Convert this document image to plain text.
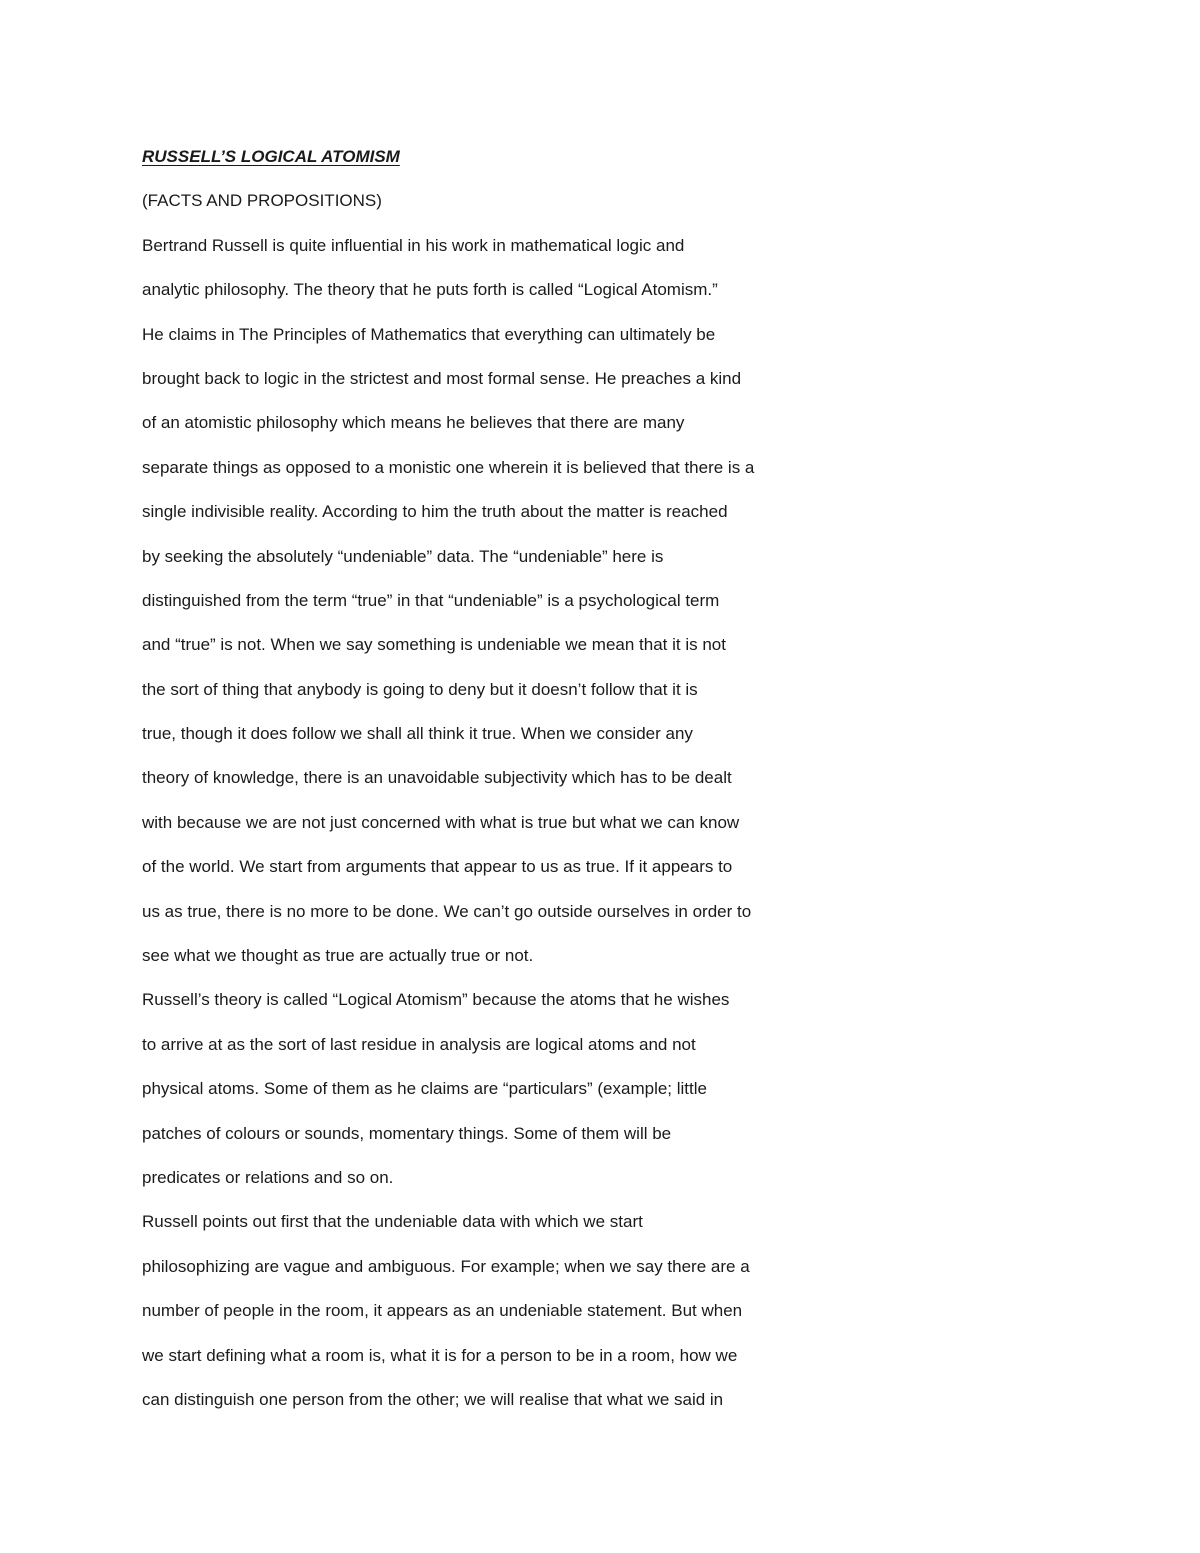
RUSSELL’S LOGICAL ATOMISM
(FACTS AND PROPOSITIONS)
Bertrand Russell is quite influential in his work in mathematical logic and
analytic philosophy. The theory that he puts forth is called “Logical Atomism.”
He claims in The Principles of Mathematics that everything can ultimately be
brought back to logic in the strictest and most formal sense. He preaches a kind
of an atomistic philosophy which means he believes that there are many
separate things as opposed to a monistic one wherein it is believed that there is a
single indivisible reality. According to him the truth about the matter is reached
by seeking the absolutely “undeniable” data. The “undeniable” here is
distinguished from the term “true” in that “undeniable” is a psychological term
and “true” is not. When we say something is undeniable we mean that it is not
the sort of thing that anybody is going to deny but it doesn’t follow that it is
true, though it does follow we shall all think it true. When we consider any
theory of knowledge, there is an unavoidable subjectivity which has to be dealt
with because we are not just concerned with what is true but what we can know
of the world. We start from arguments that appear to us as true. If it appears to
us as true, there is no more to be done. We can’t go outside ourselves in order to
see what we thought as true are actually true or not.
Russell’s theory is called “Logical Atomism” because the atoms that he wishes
to arrive at as the sort of last residue in analysis are logical atoms and not
physical atoms. Some of them as he claims are “particulars” (example; little
patches of colours or sounds, momentary things. Some of them will be
predicates or relations and so on.
Russell points out first that the undeniable data with which we start
philosophizing are vague and ambiguous. For example; when we say there are a
number of people in the room, it appears as an undeniable statement. But when
we start defining what a room is, what it is for a person to be in a room, how we
can distinguish one person from the other; we will realise that what we said in
